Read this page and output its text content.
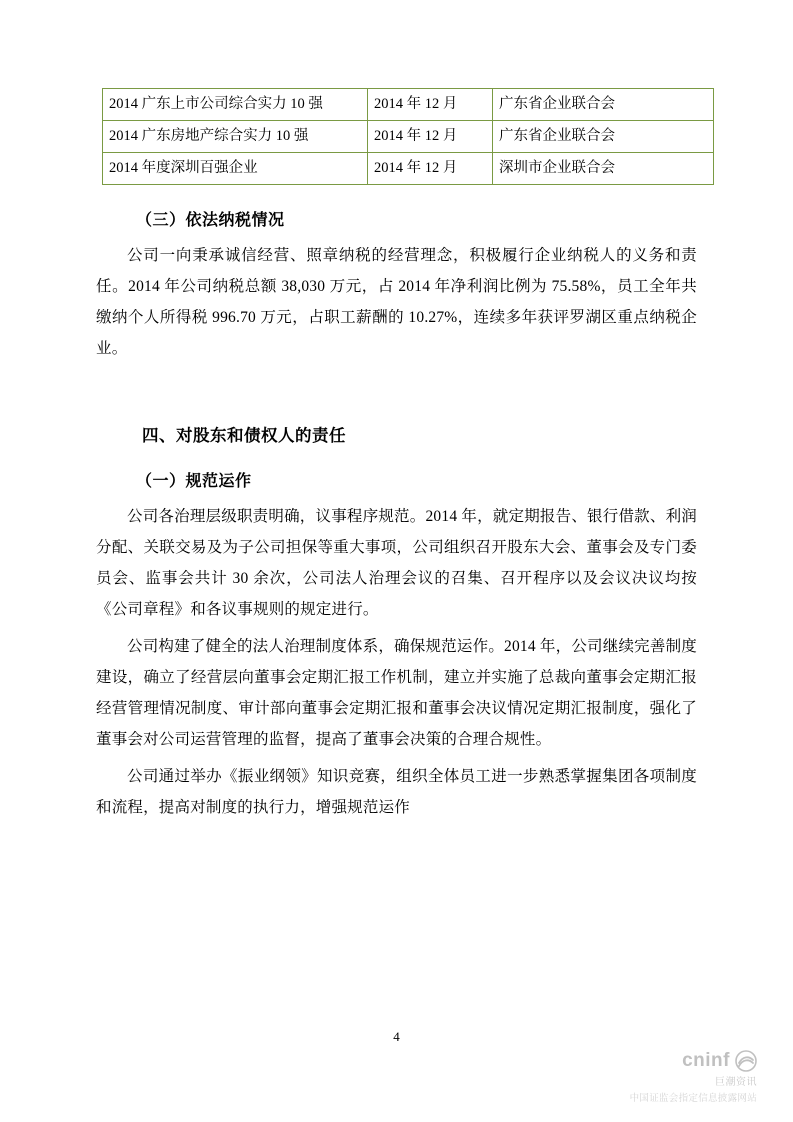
2014 广东上市公司综合实力 10 强	2014 年 12 月	广东省企业联合会
2014 广东房地产综合实力 10 强	2014 年 12 月	广东省企业联合会
2014 年度深圳百强企业	2014 年 12 月	深圳市企业联合会
（三）依法纳税情况

公司一向秉承诚信经营、照章纳税的经营理念，积极履行企业纳税人的义务和责任。2014 年公司纳税总额 38,030 万元，占 2014 年净利润比例为 75.58%，员工全年共缴纳个人所得税 996.70 万元，占职工薪酬的 10.27%，连续多年获评罗湖区重点纳税企业。

四、对股东和债权人的责任
（一）规范运作

公司各治理层级职责明确，议事程序规范。2014 年，就定期报告、银行借款、利润分配、关联交易及为子公司担保等重大事项，公司组织召开股东大会、董事会及专门委员会、监事会共计 30 余次，公司法人治理会议的召集、召开程序以及会议决议均按《公司章程》和各议事规则的规定进行。

公司构建了健全的法人治理制度体系，确保规范运作。2014 年，公司继续完善制度建设，确立了经营层向董事会定期汇报工作机制，建立并实施了总裁向董事会定期汇报经营管理情况制度、审计部向董事会定期汇报和董事会决议情况定期汇报制度，强化了董事会对公司运营管理的监督，提高了董事会决策的合理合规性。

公司通过举办《振业纲领》知识竞赛，组织全体员工进一步熟悉掌握集团各项制度和流程，提高对制度的执行力，增强规范运作

4
cninf
巨潮资讯
中国证监会指定信息披露网站
